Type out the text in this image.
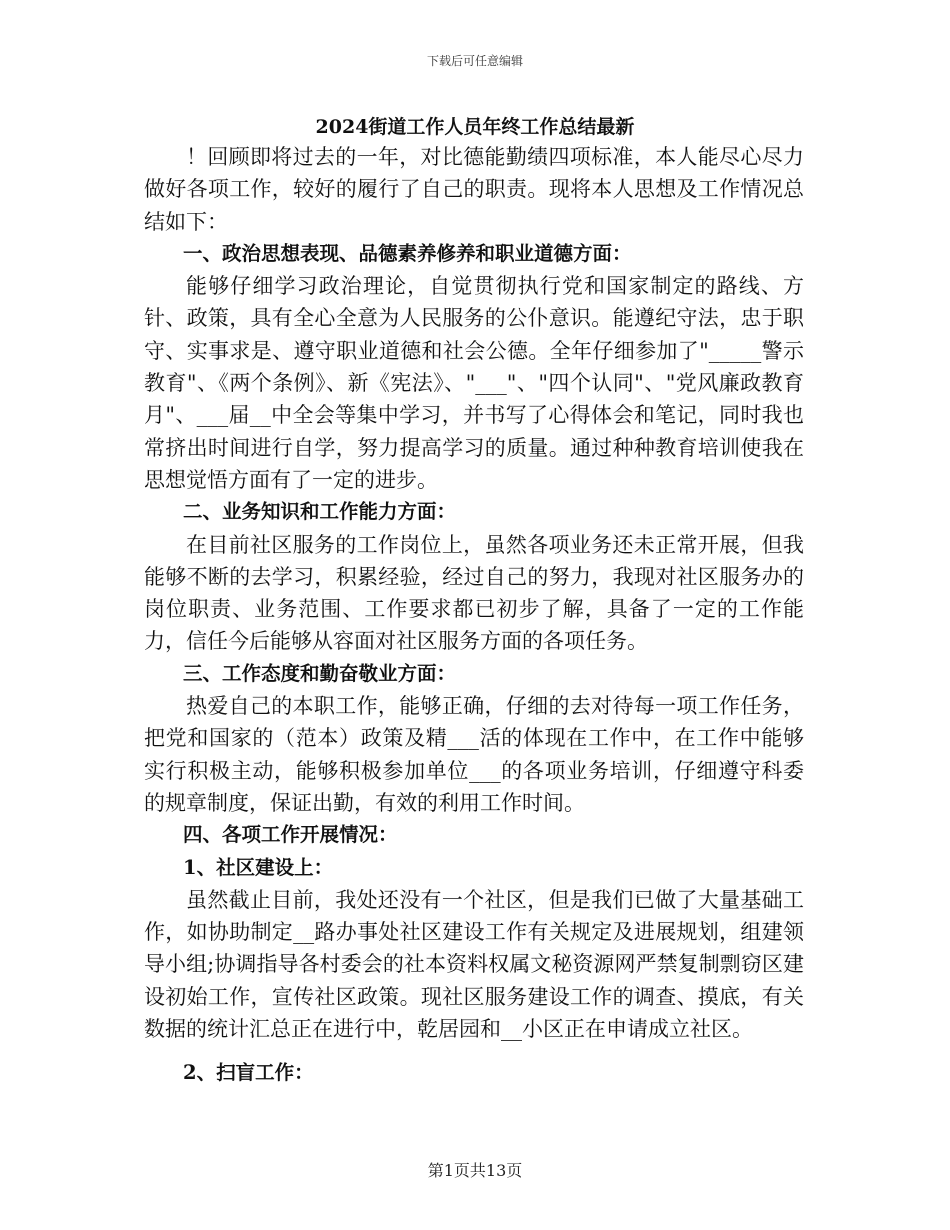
下载后可任意编辑
2024街道工作人员年终工作总结最新

！回顾即将过去的一年，对比德能勤绩四项标准，本人能尽心尽力做好各项工作，较好的履行了自己的职责。现将本人思想及工作情况总结如下：

一、政治思想表现、品德素养修养和职业道德方面：

能够仔细学习政治理论，自觉贯彻执行党和国家制定的路线、方针、政策，具有全心全意为人民服务的公仆意识。能遵纪守法，忠于职守、实事求是、遵守职业道德和社会公德。全年仔细参加了"_____警示教育"、《两个条例》、新《宪法》、"___"、"四个认同"、"党风廉政教育月"、___届__中全会等集中学习，并书写了心得体会和笔记，同时我也常挤出时间进行自学，努力提高学习的质量。通过种种教育培训使我在思想觉悟方面有了一定的进步。

二、业务知识和工作能力方面：

在目前社区服务的工作岗位上，虽然各项业务还未正常开展，但我能够不断的去学习，积累经验，经过自己的努力，我现对社区服务办的岗位职责、业务范围、工作要求都已初步了解，具备了一定的工作能力，信任今后能够从容面对社区服务方面的各项任务。

三、工作态度和勤奋敬业方面：

热爱自己的本职工作，能够正确，仔细的去对待每一项工作任务，把党和国家的（范本）政策及精___活的体现在工作中，在工作中能够实行积极主动，能够积极参加单位___的各项业务培训，仔细遵守科委的规章制度，保证出勤，有效的利用工作时间。

四、各项工作开展情况：

1、社区建设上：

虽然截止目前，我处还没有一个社区，但是我们已做了大量基础工作，如协助制定__路办事处社区建设工作有关规定及进展规划，组建领导小组;协调指导各村委会的社本资料权属文秘资源网严禁复制剽窃区建设初始工作，宣传社区政策。现社区服务建设工作的调查、摸底，有关数据的统计汇总正在进行中，乾居园和__小区正在申请成立社区。

2、扫盲工作：

第1页共13页
